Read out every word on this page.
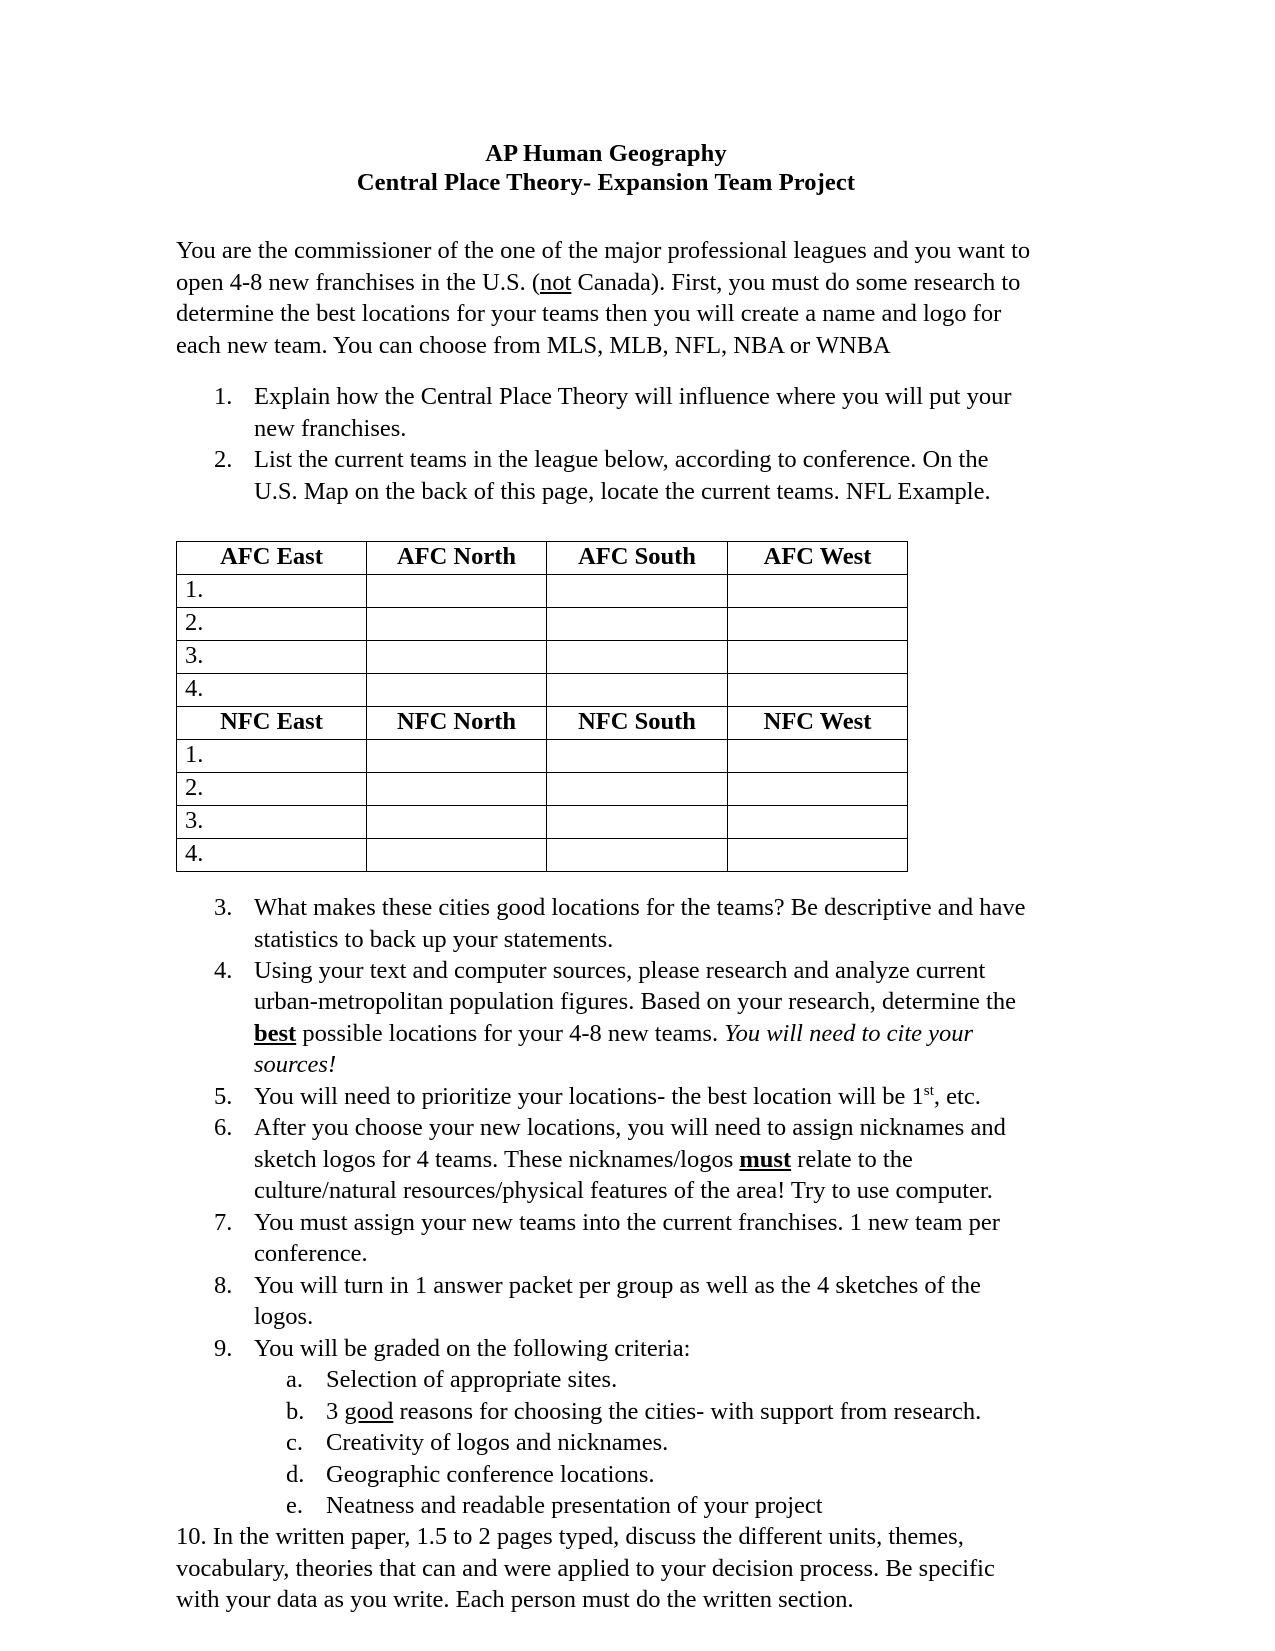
AP Human Geography
Central Place Theory- Expansion Team Project

You are the commissioner of the one of the major professional leagues and you want to open 4-8 new franchises in the U.S. (not Canada). First, you must do some research to determine the best locations for your teams then you will create a name and logo for each new team. You can choose from MLS, MLB, NFL, NBA or WNBA

1. Explain how the Central Place Theory will influence where you will put your new franchises.
2. List the current teams in the league below, according to conference. On the U.S. Map on the back of this page, locate the current teams. NFL Example.
AFC East	AFC North	AFC South	AFC West
1.			
2.			
3.			
4.			
NFC East	NFC North	NFC South	NFC West
1.			
2.			
3.			
4.			
3. What makes these cities good locations for the teams? Be descriptive and have statistics to back up your statements.
4. Using your text and computer sources, please research and analyze current urban-metropolitan population figures. Based on your research, determine the best possible locations for your 4-8 new teams. You will need to cite your sources!
5. You will need to prioritize your locations- the best location will be 1st, etc.
6. After you choose your new locations, you will need to assign nicknames and sketch logos for 4 teams. These nicknames/logos must relate to the culture/natural resources/physical features of the area! Try to use computer.
7. You must assign your new teams into the current franchises. 1 new team per conference.
8. You will turn in 1 answer packet per group as well as the 4 sketches of the logos.
9. You will be graded on the following criteria:
a. Selection of appropriate sites.
b. 3 good reasons for choosing the cities- with support from research.
c. Creativity of logos and nicknames.
d. Geographic conference locations.
e. Neatness and readable presentation of your project

10. In the written paper, 1.5 to 2 pages typed, discuss the different units, themes, vocabulary, theories that can and were applied to your decision process. Be specific with your data as you write. Each person must do the written section.
